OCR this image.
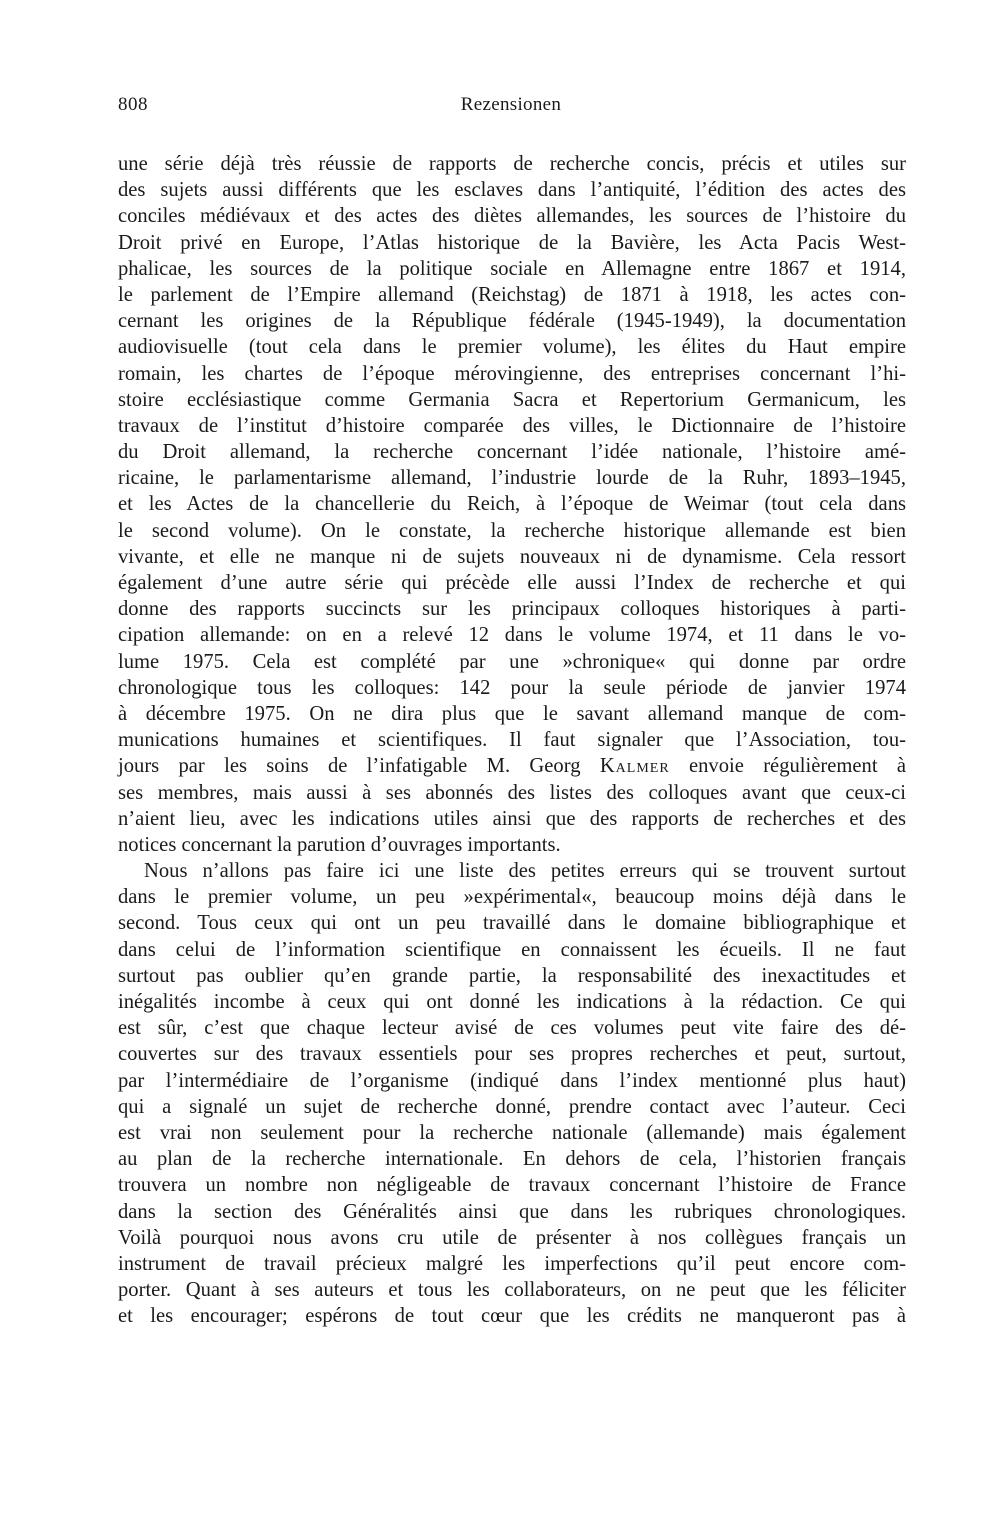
808	Rezensionen
une série déjà très réussie de rapports de recherche concis, précis et utiles sur
des sujets aussi différents que les esclaves dans l’antiquité, l’édition des actes des
conciles médiévaux et des actes des diètes allemandes, les sources de l’histoire du
Droit privé en Europe, l’Atlas historique de la Bavière, les Acta Pacis West-
phalicae, les sources de la politique sociale en Allemagne entre 1867 et 1914,
le parlement de l’Empire allemand (Reichstag) de 1871 à 1918, les actes con-
cernant les origines de la République fédérale (1945-1949), la documentation
audiovisuelle (tout cela dans le premier volume), les élites du Haut empire
romain, les chartes de l’époque mérovingienne, des entreprises concernant l’hi-
stoire ecclésiastique comme Germania Sacra et Repertorium Germanicum, les
travaux de l’institut d’histoire comparée des villes, le Dictionnaire de l’histoire
du Droit allemand, la recherche concernant l’idée nationale, l’histoire amé-
ricaine, le parlamentarisme allemand, l’industrie lourde de la Ruhr, 1893–1945,
et les Actes de la chancellerie du Reich, à l’époque de Weimar (tout cela dans
le second volume). On le constate, la recherche historique allemande est bien
vivante, et elle ne manque ni de sujets nouveaux ni de dynamisme. Cela ressort
également d’une autre série qui précède elle aussi l’Index de recherche et qui
donne des rapports succincts sur les principaux colloques historiques à parti-
cipation allemande: on en a relevé 12 dans le volume 1974, et 11 dans le vo-
lume 1975. Cela est complété par une »chronique« qui donne par ordre
chronologique tous les colloques: 142 pour la seule période de janvier 1974
à décembre 1975. On ne dira plus que le savant allemand manque de com-
munications humaines et scientifiques. Il faut signaler que l’Association, tou-
jours par les soins de l’infatigable M. Georg Kalmer envoie régulièrement à
ses membres, mais aussi à ses abonnés des listes des colloques avant que ceux-ci
n’aient lieu, avec les indications utiles ainsi que des rapports de recherches et des
notices concernant la parution d’ouvrages importants.
Nous n’allons pas faire ici une liste des petites erreurs qui se trouvent surtout
dans le premier volume, un peu »expérimental«, beaucoup moins déjà dans le
second. Tous ceux qui ont un peu travaillé dans le domaine bibliographique et
dans celui de l’information scientifique en connaissent les écueils. Il ne faut
surtout pas oublier qu’en grande partie, la responsabilité des inexactitudes et
inégalités incombe à ceux qui ont donné les indications à la rédaction. Ce qui
est sûr, c’est que chaque lecteur avisé de ces volumes peut vite faire des dé-
couvertes sur des travaux essentiels pour ses propres recherches et peut, surtout,
par l’intermédiaire de l’organisme (indiqué dans l’index mentionné plus haut)
qui a signalé un sujet de recherche donné, prendre contact avec l’auteur. Ceci
est vrai non seulement pour la recherche nationale (allemande) mais également
au plan de la recherche internationale. En dehors de cela, l’historien français
trouvera un nombre non négligeable de travaux concernant l’histoire de France
dans la section des Généralités ainsi que dans les rubriques chronologiques.
Voilà pourquoi nous avons cru utile de présenter à nos collègues français un
instrument de travail précieux malgré les imperfections qu’il peut encore com-
porter. Quant à ses auteurs et tous les collaborateurs, on ne peut que les féliciter
et les encourager; espérons de tout cœur que les crédits ne manqueront pas à
